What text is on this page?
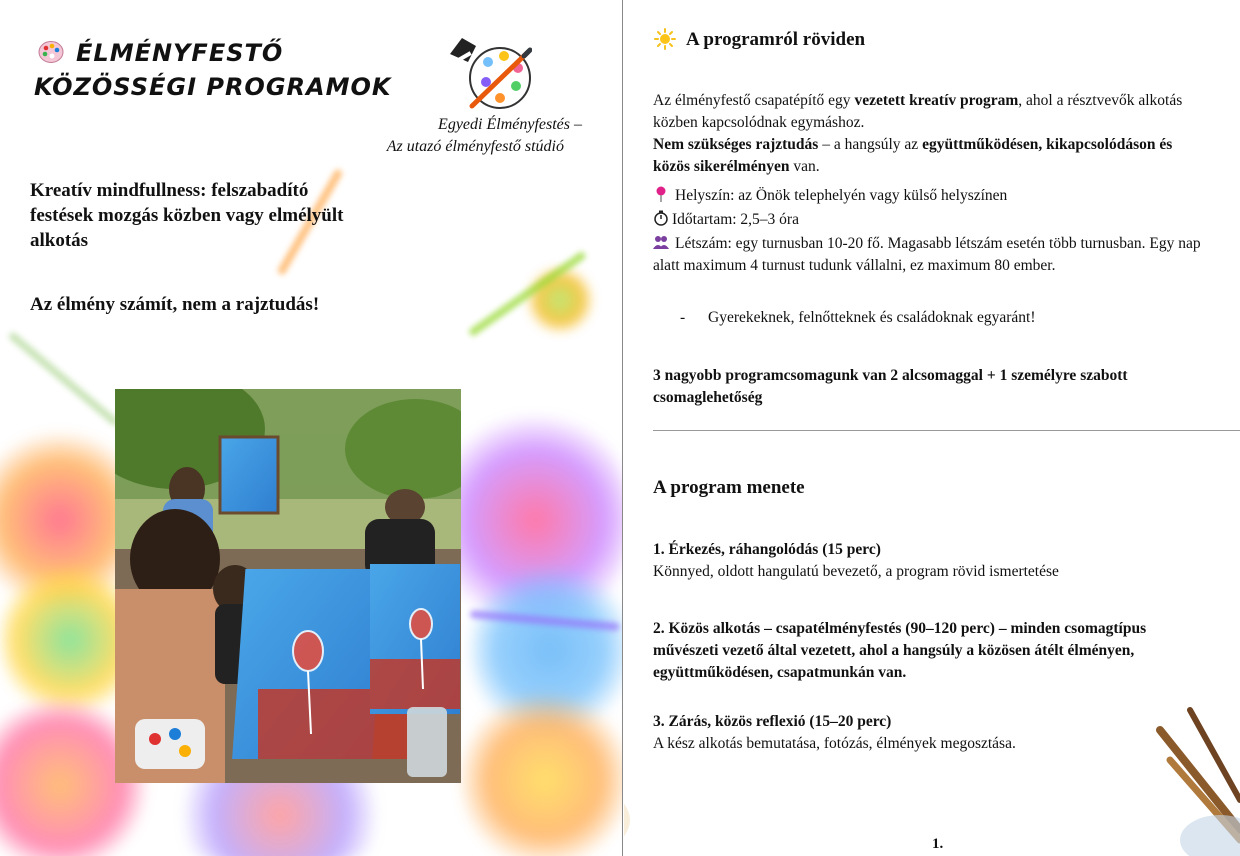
ÉLMÉNYFESTŐ KÖZÖSSÉGI PROGRAMOK
Egyedi Élményfestés –
Az utazó élményfestő stúdió
Kreatív mindfullness: felszabadító festések mozgás közben vagy elmélyült alkotás
Az élmény számít, nem a rajztudás!
A programról röviden
Az élményfestő csapatépítő egy vezetett kreatív program, ahol a résztvevők alkotás közben kapcsolódnak egymáshoz.
Nem szükséges rajztudás – a hangsúly az együttműködésen, kikapcsolódáson és közös sikerélményen van.
Helyszín: az Önök telephelyén vagy külső helyszínen
Időtartam: 2,5–3 óra
Létszám: egy turnusban 10-20 fő. Magasabb létszám esetén több turnusban. Egy nap alatt maximum 4 turnust tudunk vállalni, ez maximum 80 ember.
- Gyerekeknek, felnőtteknek és családoknak egyaránt!
3 nagyobb programcsomagunk van 2 alcsomaggal + 1 személyre szabott csomaglehetőség
A program menete
1. Érkezés, ráhangolódás (15 perc)
Könnyed, oldott hangulatú bevezető, a program rövid ismertetése
2. Közös alkotás – csapatélményfestés (90–120 perc) – minden csomagtípus művészeti vezető által vezetett, ahol a hangsúly a közösen átélt élményen, együttműködésen, csapatmunkán van.
3. Zárás, közös reflexió (15–20 perc)
A kész alkotás bemutatása, fotózás, élmények megosztása.
1.
